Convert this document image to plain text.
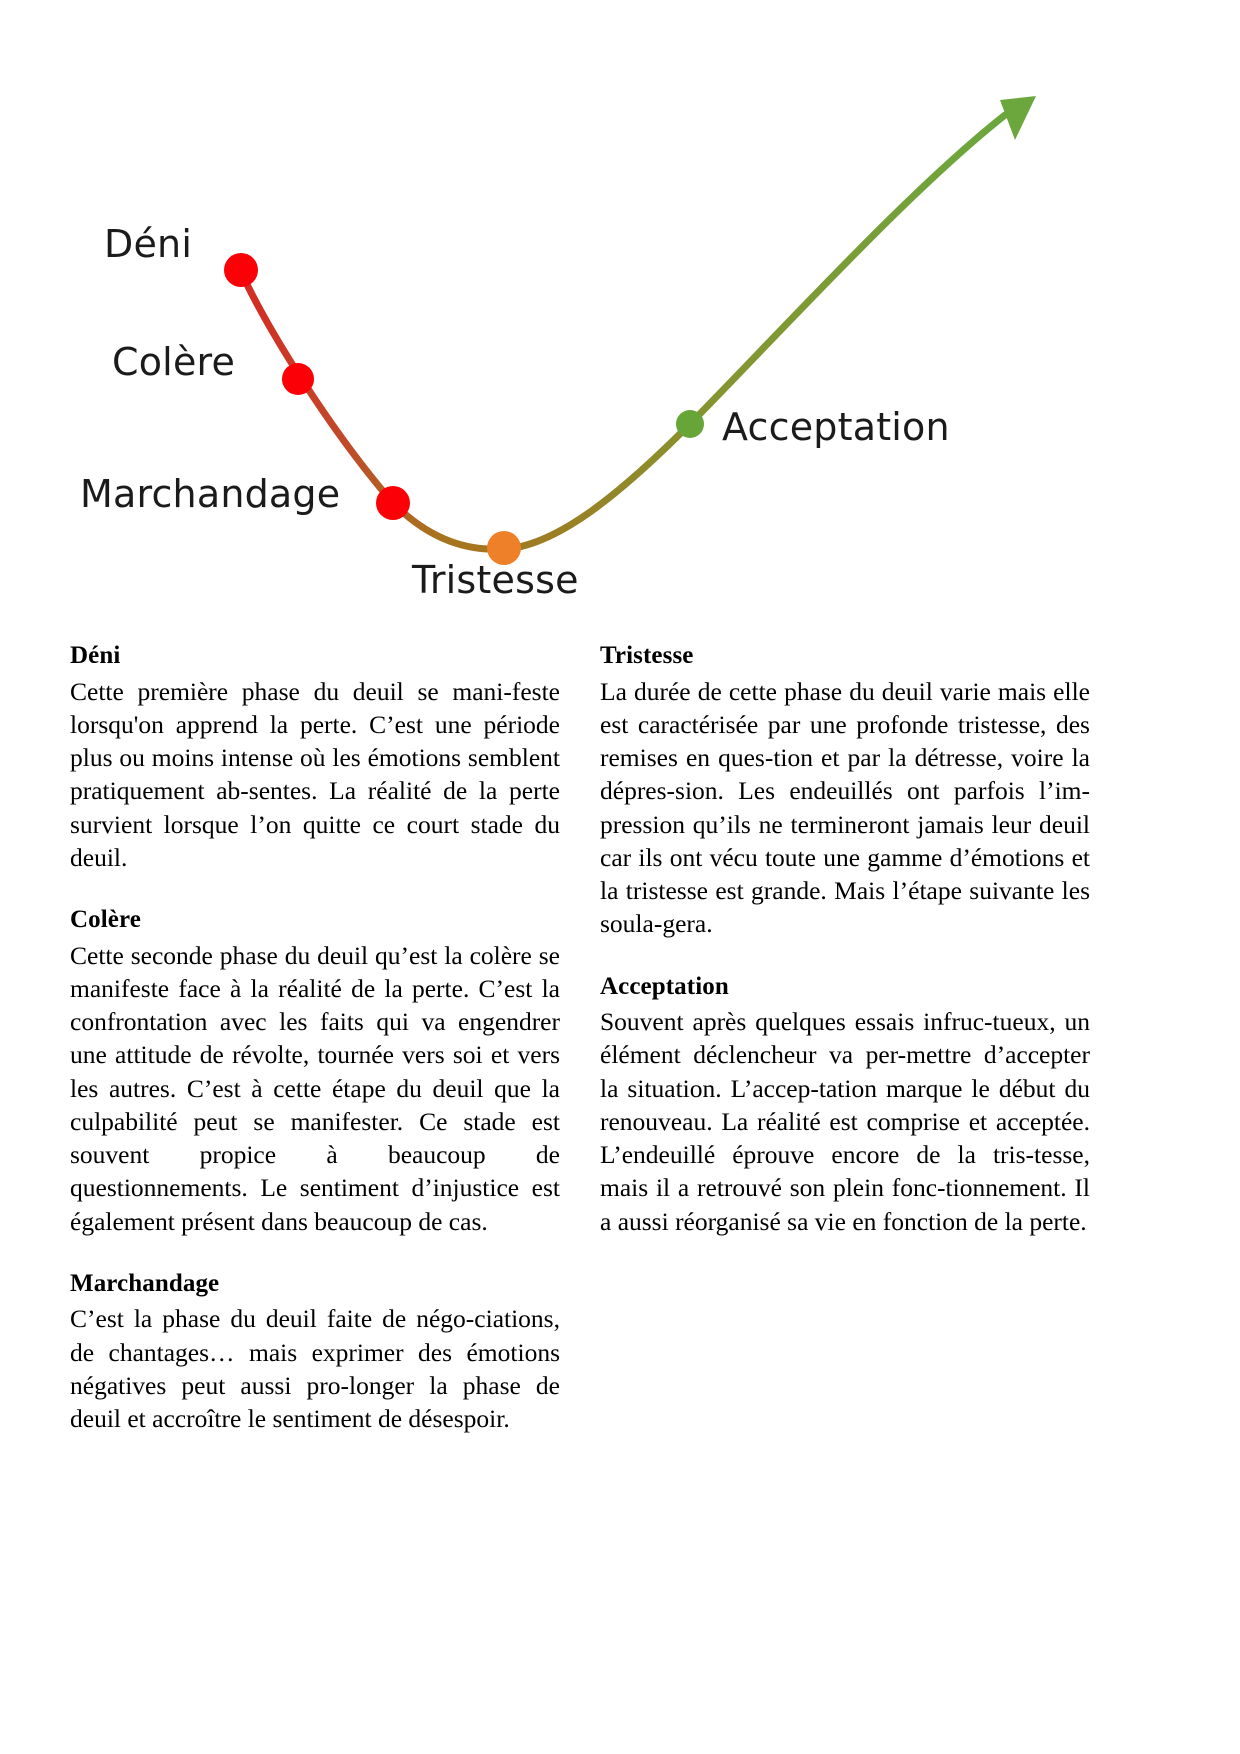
Déni
Colère
Marchandage
Tristesse
Acceptation
Déni

Cette première phase du deuil se mani-feste lorsqu'on apprend la perte. C’est une période plus ou moins intense où les émotions semblent pratiquement ab-sentes. La réalité de la perte survient lorsque l’on quitte ce court stade du deuil.

Colère

Cette seconde phase du deuil qu’est la colère se manifeste face à la réalité de la perte. C’est la confrontation avec les faits qui va engendrer une attitude de révolte, tournée vers soi et vers les autres. C’est à cette étape du deuil que la culpabilité peut se manifester. Ce stade est souvent propice à beaucoup de questionnements. Le sentiment d’injustice est également présent dans beaucoup de cas.

Marchandage

C’est la phase du deuil faite de négo-ciations, de chantages… mais exprimer des émotions négatives peut aussi pro-longer la phase de deuil et accroître le sentiment de désespoir.

Tristesse

La durée de cette phase du deuil varie mais elle est caractérisée par une profonde tristesse, des remises en ques-tion et par la détresse, voire la dépres-sion. Les endeuillés ont parfois l’im-pression qu’ils ne termineront jamais leur deuil car ils ont vécu toute une gamme d’émotions et la tristesse est grande. Mais l’étape suivante les soula-gera.

Acceptation

Souvent après quelques essais infruc-tueux, un élément déclencheur va per-mettre d’accepter la situation. L’accep-tation marque le début du renouveau. La réalité est comprise et acceptée. L’endeuillé éprouve encore de la tris-tesse, mais il a retrouvé son plein fonc-tionnement. Il a aussi réorganisé sa vie en fonction de la perte.
